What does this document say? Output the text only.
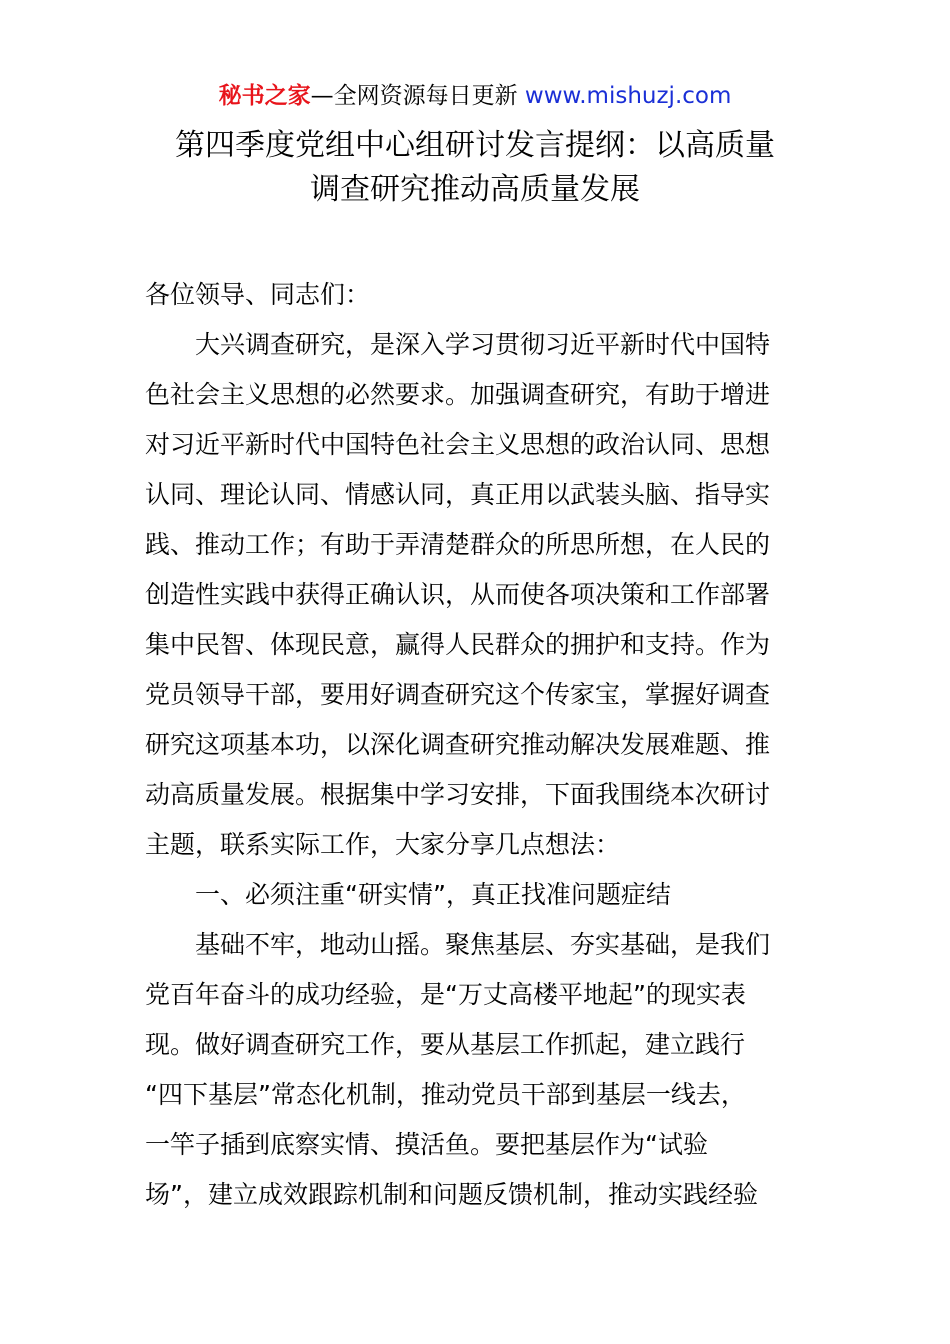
秘书之家—全网资源每日更新 www.mishuzj.com
第四季度党组中心组研讨发言提纲：以高质量
调查研究推动高质量发展
各位领导、同志们：
大兴调查研究，是深入学习贯彻习近平新时代中国特
色社会主义思想的必然要求。加强调查研究，有助于增进
对习近平新时代中国特色社会主义思想的政治认同、思想
认同、理论认同、情感认同，真正用以武装头脑、指导实
践、推动工作；有助于弄清楚群众的所思所想，在人民的
创造性实践中获得正确认识，从而使各项决策和工作部署
集中民智、体现民意，赢得人民群众的拥护和支持。作为
党员领导干部，要用好调查研究这个传家宝，掌握好调查
研究这项基本功，以深化调查研究推动解决发展难题、推
动高质量发展。根据集中学习安排，下面我围绕本次研讨
主题，联系实际工作，大家分享几点想法：
一、必须注重“研实情”，真正找准问题症结
基础不牢，地动山摇。聚焦基层、夯实基础，是我们
党百年奋斗的成功经验，是“万丈高楼平地起”的现实表
现。做好调查研究工作，要从基层工作抓起，建立践行
“四下基层”常态化机制，推动党员干部到基层一线去，
一竿子插到底察实情、摸活鱼。要把基层作为“试验
场”，建立成效跟踪机制和问题反馈机制，推动实践经验
